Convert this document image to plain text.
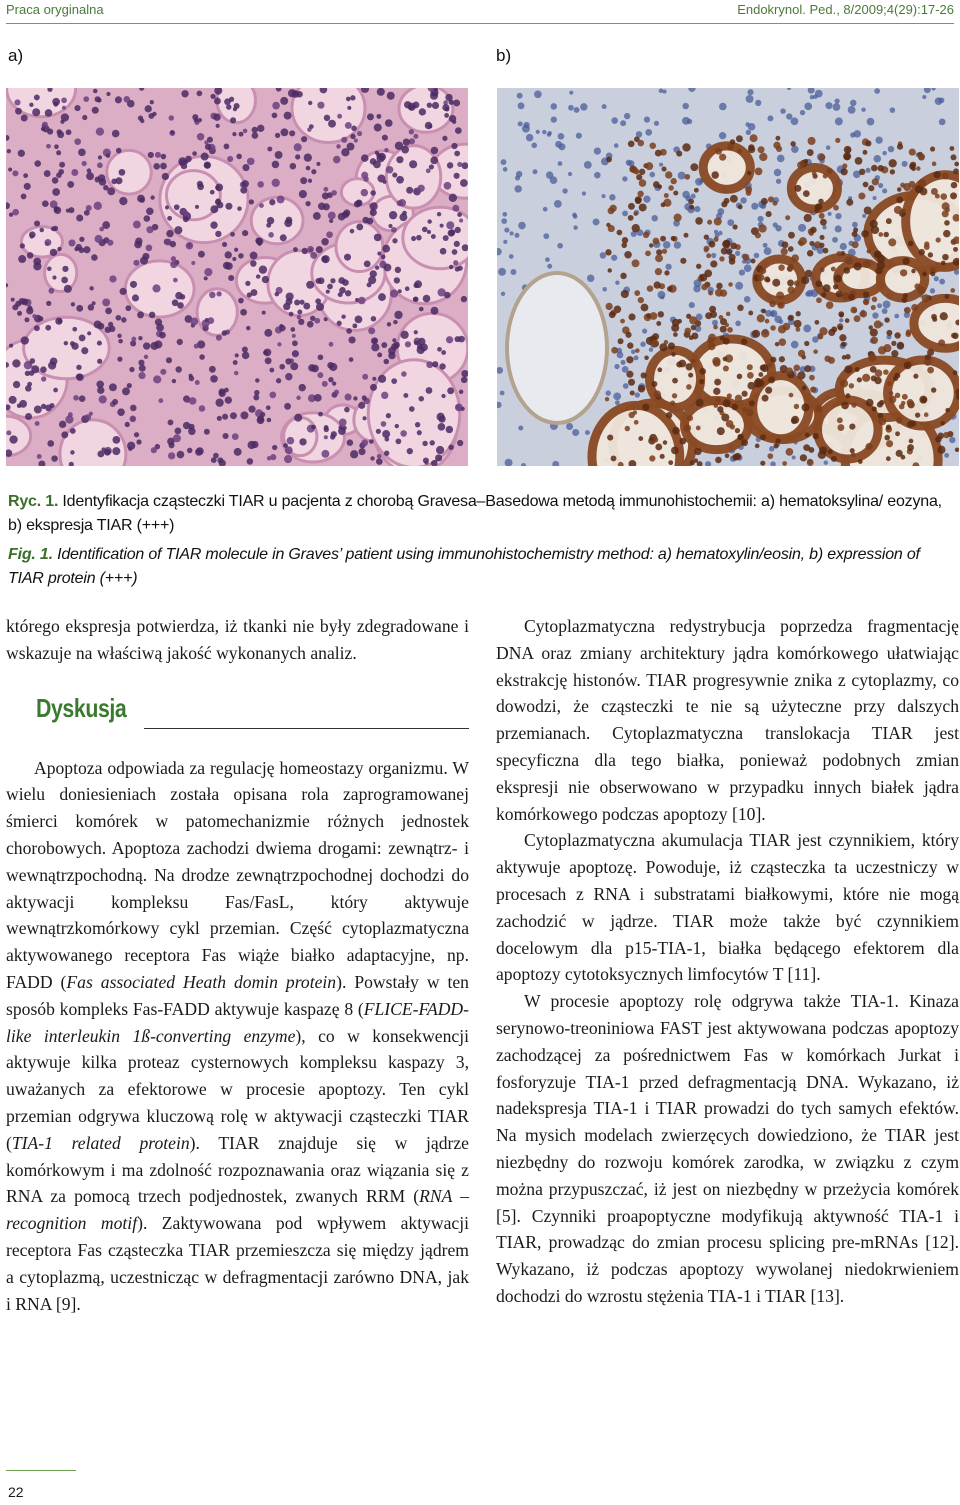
Praca oryginalna	Endokrynol. Ped., 8/2009;4(29):17-26
a)	b)
Ryc. 1. Identyfikacja cząsteczki TIAR u pacjenta z chorobą Gravesa–Basedowa metodą immunohistochemii: a) hematoksylina/ eozyna, b) ekspresja TIAR (+++)
Fig. 1. Identification of TIAR molecule in Graves’ patient using immunohistochemistry method: a) hematoxylin/eosin, b) expression of TIAR protein (+++)

którego ekspresja potwierdza, iż tkanki nie były zdegradowane i wskazuje na właściwą jakość wykonanych analiz.

Dyskusja

Apoptoza odpowiada za regulację homeostazy organizmu. W wielu doniesieniach została opisana rola zaprogramowanej śmierci komórek w patomechanizmie różnych jednostek chorobowych. Apoptoza zachodzi dwiema drogami: zewnątrz- i wewnątrzpochodną. Na drodze zewnątrzpochodnej dochodzi do aktywacji kompleksu Fas/FasL, który aktywuje wewnątrzkomórkowy cykl przemian. Część cytoplazmatyczna aktywowanego receptora Fas wiąże białko adaptacyjne, np. FADD (Fas associated Heath domin protein). Powstały w ten sposób kompleks Fas-FADD aktywuje kaspazę 8 (FLICE-FADD-like interleukin 1ß-converting enzyme), co w konsekwencji aktywuje kilka proteaz cysternowych kompleksu kaspazy 3, uważanych za efektorowe w procesie apoptozy. Ten cykl przemian odgrywa kluczową rolę w aktywacji cząsteczki TIAR (TIA-1 related protein). TIAR znajduje się w jądrze komórkowym i ma zdolność rozpoznawania oraz wiązania się z RNA za pomocą trzech podjednostek, zwanych RRM (RNA – recognition motif). Zaktywowana pod wpływem aktywacji receptora Fas cząsteczka TIAR przemieszcza się między jądrem a cytoplazmą, uczestnicząc w defragmentacji zarówno DNA, jak i RNA [9].

Cytoplazmatyczna redystrybucja poprzedza fragmentację DNA oraz zmiany architektury jądra komórkowego ułatwiając ekstrakcję histonów. TIAR progresywnie znika z cytoplazmy, co dowodzi, że cząsteczki te nie są użyteczne przy dalszych przemianach. Cytoplazmatyczna translokacja TIAR jest specyficzna dla tego białka, ponieważ podobnych zmian ekspresji nie obserwowano w przypadku innych białek jądra komórkowego podczas apoptozy [10].

Cytoplazmatyczna akumulacja TIAR jest czynnikiem, który aktywuje apoptozę. Powoduje, iż cząsteczka ta uczestniczy w procesach z RNA i substratami białkowymi, które nie mogą zachodzić w jądrze. TIAR może także być czynnikiem docelowym dla p15-TIA-1, białka będącego efektorem dla apoptozy cytotoksycznych limfocytów T [11].

W procesie apoptozy rolę odgrywa także TIA-1. Kinaza serynowo-treoniniowa FAST jest aktywowana podczas apoptozy zachodzącej za pośrednictwem Fas w komórkach Jurkat i fosforyzuje TIA-1 przed defragmentacją DNA. Wykazano, iż nadekspresja TIA-1 i TIAR prowadzi do tych samych efektów. Na mysich modelach zwierzęcych dowiedziono, że TIAR jest niezbędny do rozwoju komórek zarodka, w związku z czym można przypuszczać, iż jest on niezbędny w przeżycia komórek [5]. Czynniki proapoptyczne modyfikują aktywność TIA-1 i TIAR, prowadząc do zmian procesu splicing pre-mRNAs [12]. Wykazano, iż podczas apoptozy wywolanej niedokrwieniem dochodzi do wzrostu stężenia TIA-1 i TIAR [13].

22
